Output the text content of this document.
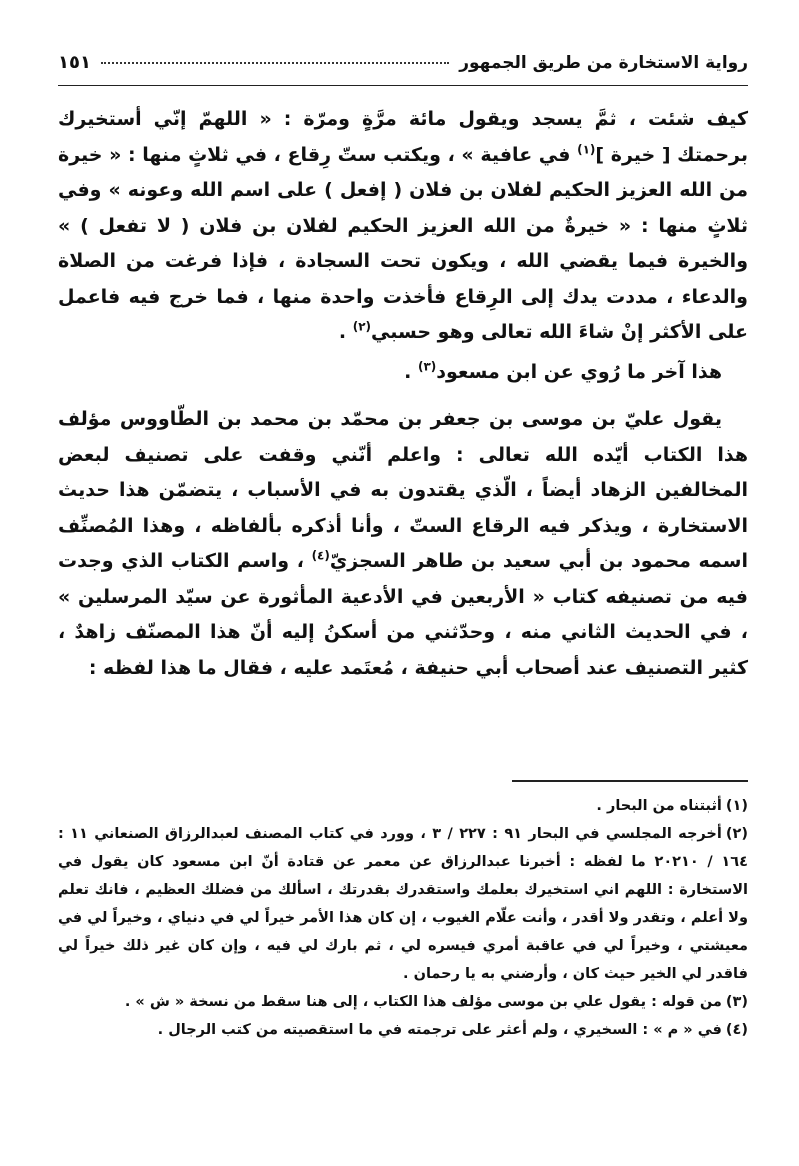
رواية الاستخارة من طريق الجمهور
١٥١

كيف شئت ، ثمَّ يسجد ويقول مائة مرَّةٍ ومرّة : « اللهمّ إنّي أستخيرك برحمتك [ خيرة ]$^{(١)}$ في عافية » ، ويكتب ستّ رِقاع ، في ثلاثٍ منها : « خيرة من الله العزيز الحكيم لفلان بن فلان ( إفعل ) على اسم الله وعونه » وفي ثلاثٍ منها : « خيرةٌ من الله العزيز الحكيم لفلان بن فلان ( لا تفعل ) » والخيرة فيما يقضي الله ، ويكون تحت السجادة ، فإذا فرغت من الصلاة والدعاء ، مددت يدك إلى الرِقاع فأخذت واحدة منها ، فما خرج فيه فاعمل على الأكثر إنْ شاءَ الله تعالى وهو حسبي$^{(٢)}$ .

هذا آخر ما رُوي عن ابن مسعود$^{(٣)}$ .

يقول عليّ بن موسى بن جعفر بن محمّد بن محمد بن الطّاووس مؤلف هذا الكتاب أيّده الله تعالى : واعلم أنّني وقفت على تصنيف لبعض المخالفين الزهاد أيضاً ، الّذي يقتدون به في الأسباب ، يتضمّن هذا حديث الاستخارة ، ويذكر فيه الرقاع الستّ ، وأنا أذكره بألفاظه ، وهذا المُصنِّف اسمه محمود بن أبي سعيد بن طاهر السجزيّ$^{(٤)}$ ، واسم الكتاب الذي وجدت فيه من تصنيفه كتاب « الأربعين في الأدعية المأثورة عن سيّد المرسلين » ، في الحديث الثاني منه ، وحدّثني من أسكنُ إليه أنّ هذا المصنّف زاهدٌ ، كثير التصنيف عند أصحاب أبي حنيفة ، مُعتَمد عليه ، فقال ما هذا لفظه :

(١)أثبتناه من البحار .

(٢)أخرجه المجلسي في البحار ٩١ : ٢٢٧ / ٣ ، وورد في كتاب المصنف لعبدالرزاق الصنعاني ١١ : ١٦٤ / ٢٠٢١٠ ما لفظه : أخبرنا عبدالرزاق عن معمر عن قتادة أنّ ابن مسعود كان يقول في الاستخارة : اللهم اني استخيرك بعلمك واستقدرك بقدرتك ، اسألك من فضلك العظيم ، فانك تعلم ولا أعلم ، وتقدر ولا أقدر ، وأنت علّام الغيوب ، إن كان هذا الأمر خيراً لي في دنياي ، وخيراً لي في معيشتي ، وخيراً لي في عاقبة أمري فيسره لي ، ثم بارك لي فيه ، وإن كان غير ذلك خيراً لي فاقدر لي الخير حيث كان ، وأرضني به يا رحمان .

(٣)من قوله : يقول علي بن موسى مؤلف هذا الكتاب ، إلى هنا سقط من نسخة « ش » .

(٤)في « م » : السخيري ، ولم أعثر على ترجمته في ما استقصيته من كتب الرجال .
